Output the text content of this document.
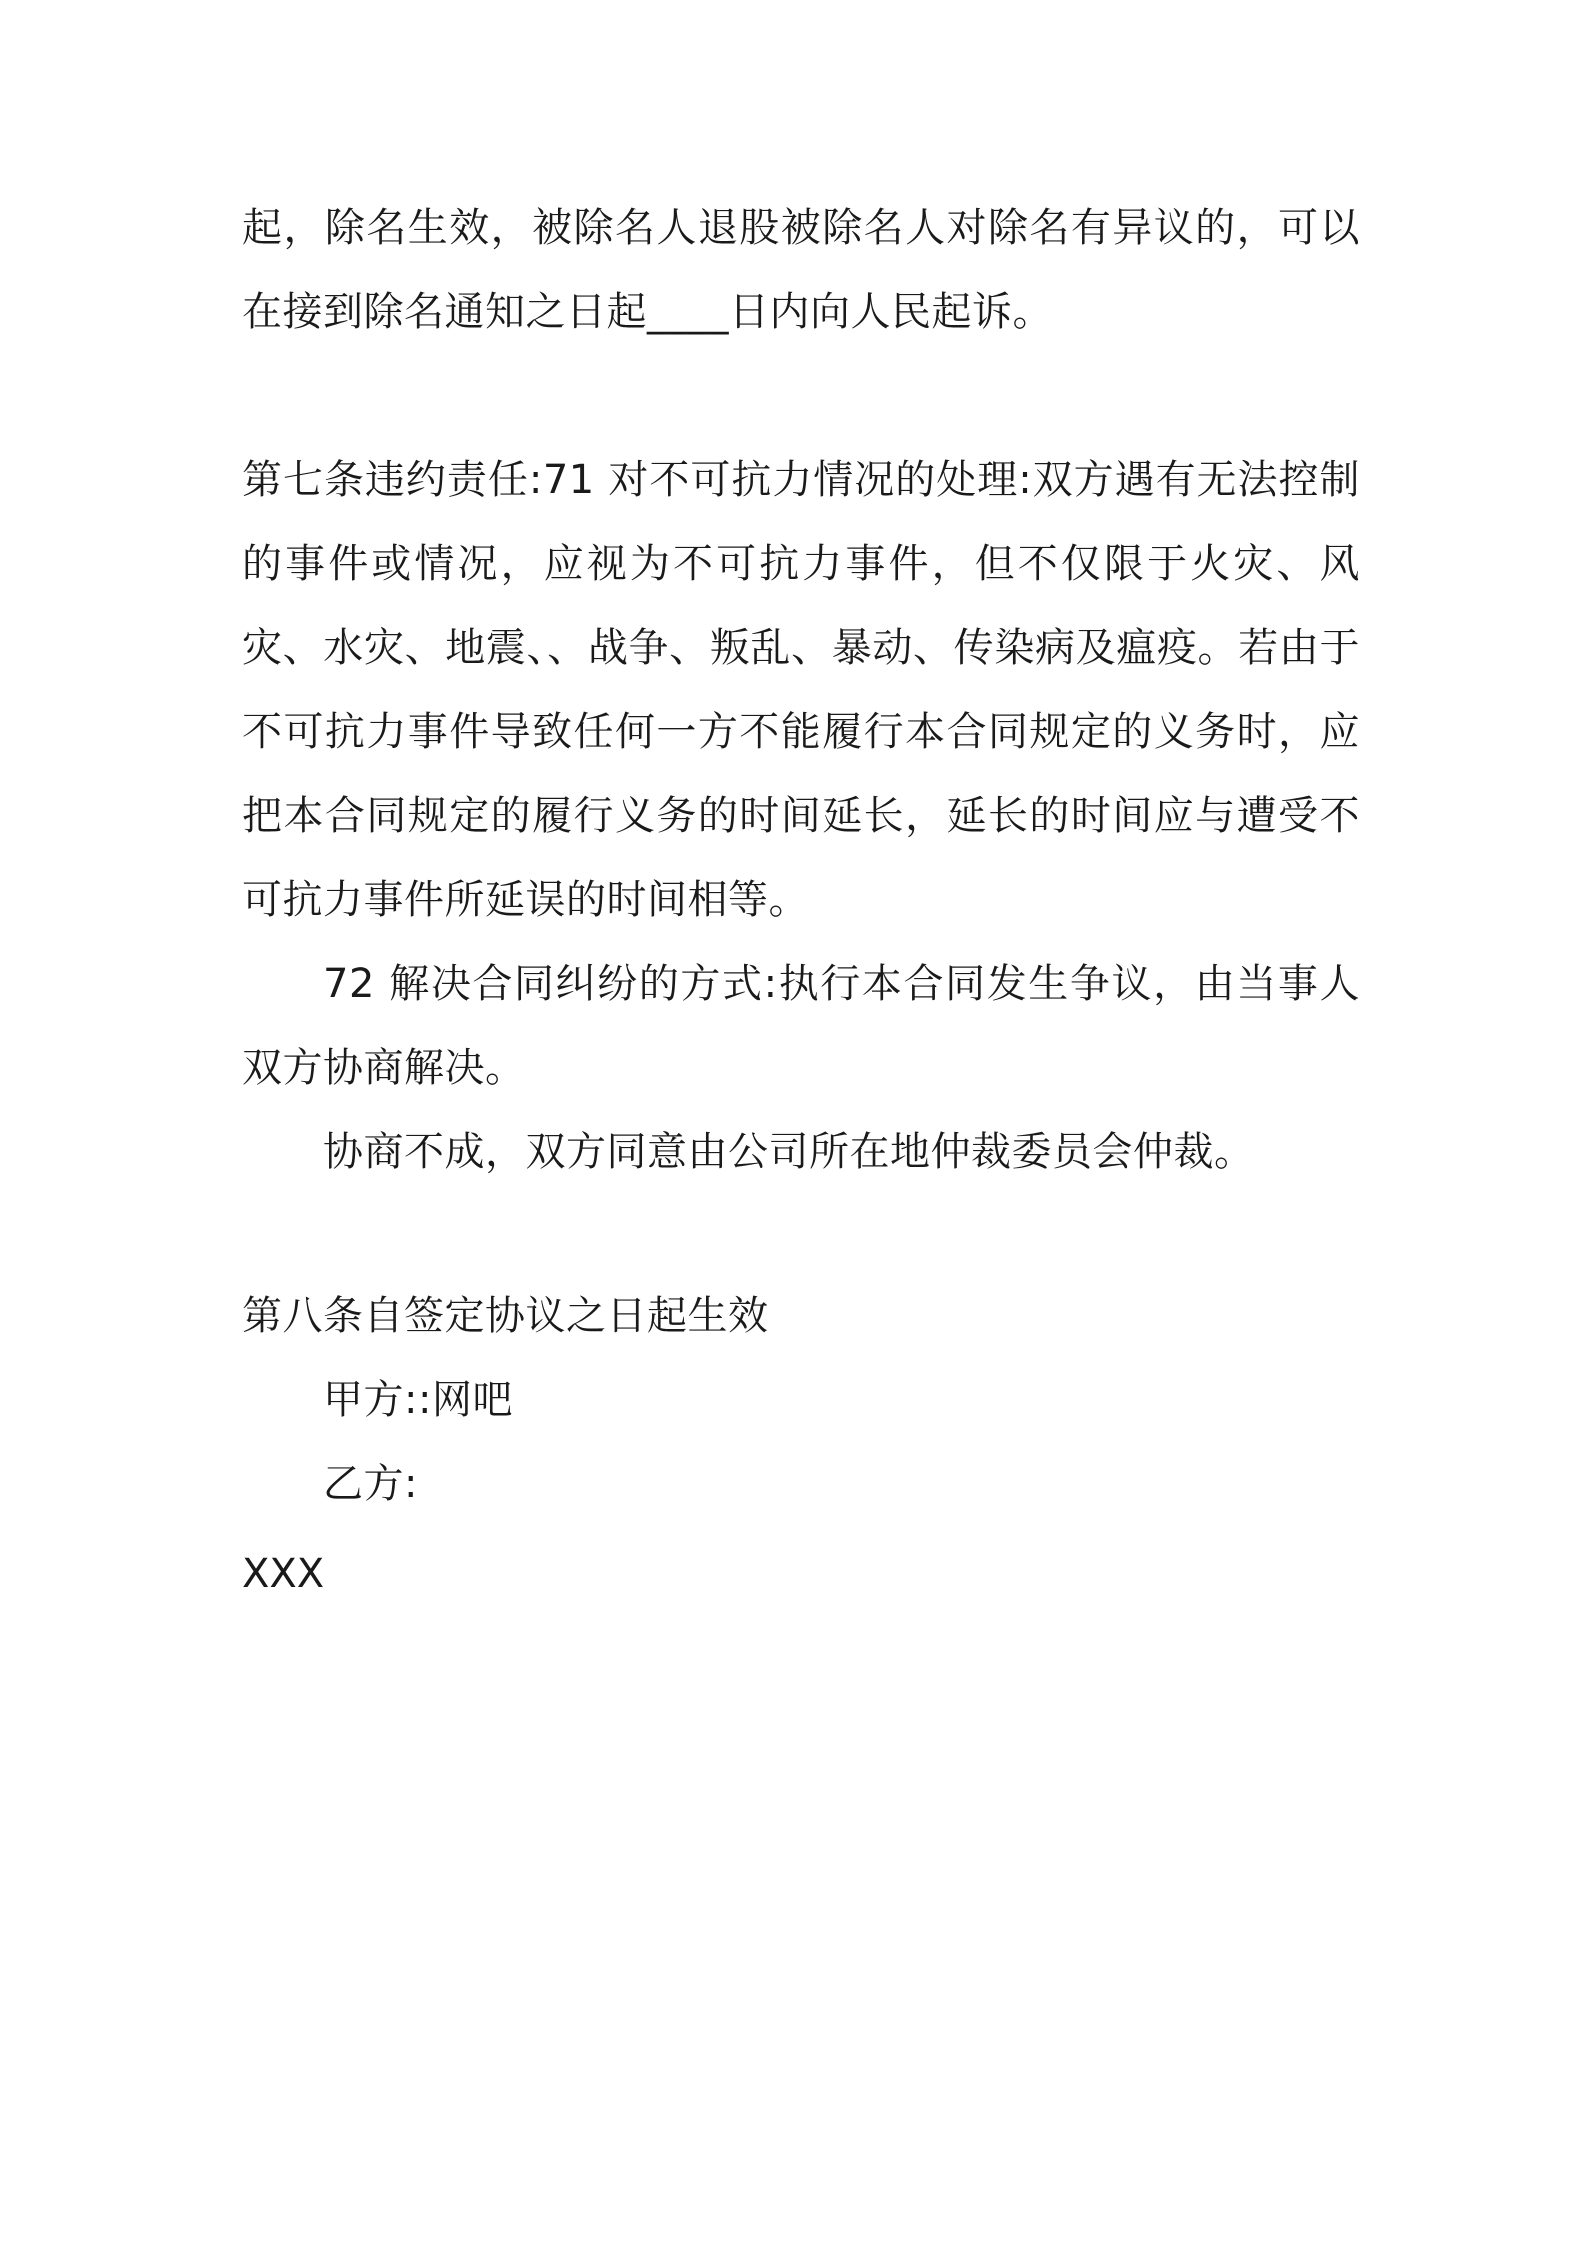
起，除名生效，被除名人退股被除名人对除名有异议的，可以在接到除名通知之日起____日内向人民起诉。

第七条违约责任:71 对不可抗力情况的处理:双方遇有无法控制的事件或情况，应视为不可抗力事件，但不仅限于火灾、风灾、水灾、地震、、战争、叛乱、暴动、传染病及瘟疫。若由于不可抗力事件导致任何一方不能履行本合同规定的义务时，应把本合同规定的履行义务的时间延长，延长的时间应与遭受不可抗力事件所延误的时间相等。

72 解决合同纠纷的方式:执行本合同发生争议，由当事人双方协商解决。

协商不成，双方同意由公司所在地仲裁委员会仲裁。

第八条自签定协议之日起生效

甲方::网吧

乙方:

XXX
